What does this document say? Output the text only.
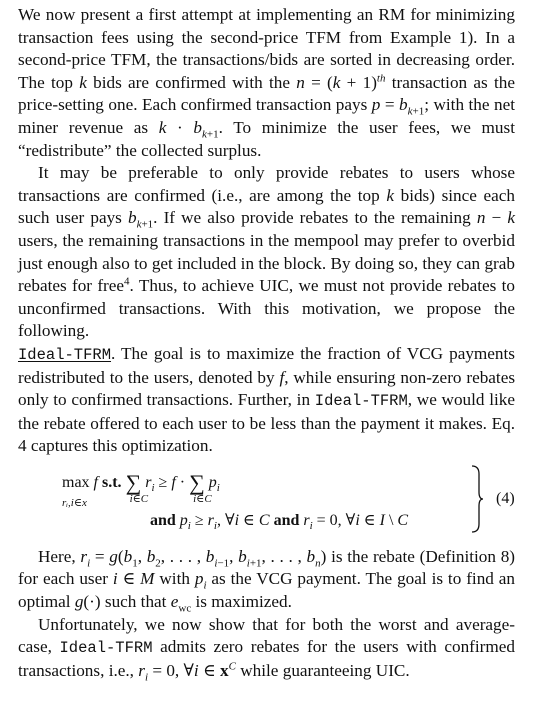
We now present a first attempt at implementing an RM for minimizing transaction fees using the second-price TFM from Example 1). In a second-price TFM, the transactions/bids are sorted in decreasing order. The top k bids are confirmed with the $n = (k + 1)^{th}$ transaction as the price-setting one. Each confirmed transaction pays $p = b_{k+1}$; with the net miner revenue as $k \cdot b_{k+1}$. To minimize the user fees, we must “redistribute” the collected surplus.

It may be preferable to only provide rebates to users whose transactions are confirmed (i.e., are among the top k bids) since each such user pays $b_{k+1}$. If we also provide rebates to the remaining n − k users, the remaining transactions in the mempool may prefer to overbid just enough also to get included in the block. By doing so, they can grab rebates for free$^4$. Thus, to achieve UIC, we must not provide rebates to unconfirmed transactions. With this motivation, we propose the following.

Ideal-TFRM. The goal is to maximize the fraction of VCG payments redistributed to the users, denoted by f, while ensuring non-zero rebates only to confirmed transactions. Further, in Ideal-TFRM, we would like the rebate offered to each user to be less than the payment it makes. Eq. 4 captures this optimization.

max
rᵢ,i∈x
f s.t. ∑
i∈C
$r_i \ge f$ · ∑
i∈C
$p_i$
and $p_i \ge r_i$, ∀i ∈ C and $r_i = 0$, ∀i ∈ I \ C
(4)

Here, $r_i = g(b_1$, $b_2$, . . . , $b_{i-1}$, $b_{i+1}$, . . . , $b_n$) is the rebate (Definition 8) for each user i ∈ M with $p_i$ as the VCG payment. The goal is to find an optimal g(·) such that $e_{wc}$ is maximized.

Unfortunately, we now show that for both the worst and average-case, Ideal-TFRM admits zero rebates for the users with confirmed transactions, i.e., $r_i = 0$, ∀i ∈ $x^C$ while guaranteeing UIC.
